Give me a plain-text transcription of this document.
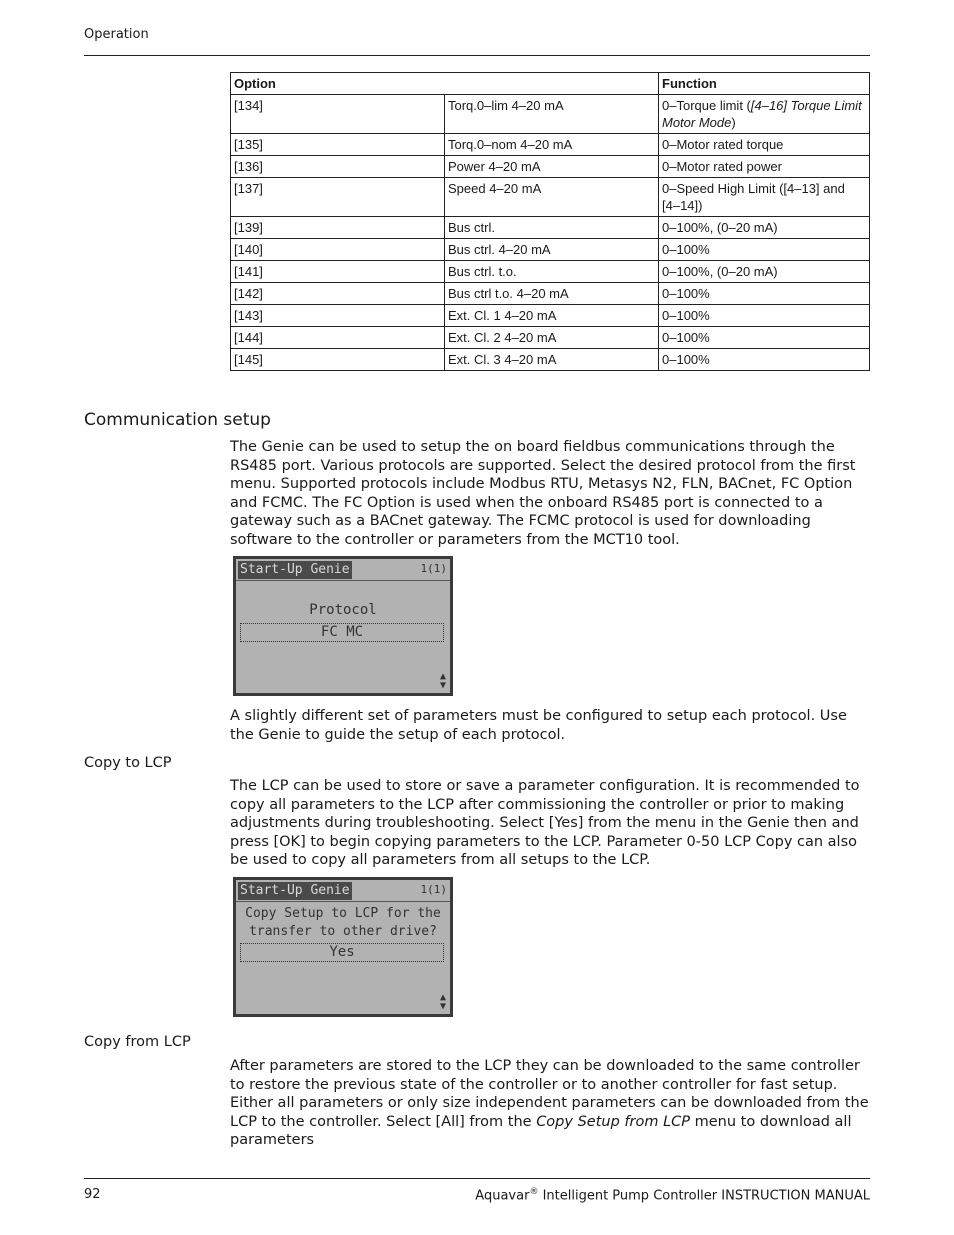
Operation
Option		Function
[134]	Torq.0–lim 4–20 mA	0–Torque limit ([4–16] Torque Limit Motor Mode)
[135]	Torq.0–nom 4–20 mA	0–Motor rated torque
[136]	Power 4–20 mA	0–Motor rated power
[137]	Speed 4–20 mA	0–Speed High Limit ([4–13] and [4–14])
[139]	Bus ctrl.	0–100%, (0–20 mA)
[140]	Bus ctrl. 4–20 mA	0–100%
[141]	Bus ctrl. t.o.	0–100%, (0–20 mA)
[142]	Bus ctrl t.o. 4–20 mA	0–100%
[143]	Ext. Cl. 1 4–20 mA	0–100%
[144]	Ext. Cl. 2 4–20 mA	0–100%
[145]	Ext. Cl. 3 4–20 mA	0–100%
Communication setup
The Genie can be used to setup the on board fieldbus communications through the RS485 port. Various protocols are supported. Select the desired protocol from the first menu. Supported protocols include Modbus RTU, Metasys N2, FLN, BACnet, FC Option and FCMC. The FC Option is used when the onboard RS485 port is connected to a gateway such as a BACnet gateway. The FCMC protocol is used for downloading software to the controller or parameters from the MCT10 tool.
Start-Up Genie	1(1)
Protocol
FC MC
▲
▼
A slightly different set of parameters must be configured to setup each protocol. Use the Genie to guide the setup of each protocol.
Copy to LCP
The LCP can be used to store or save a parameter configuration. It is recommended to copy all parameters to the LCP after commissioning the controller or prior to making adjustments during troubleshooting. Select [Yes] from the menu in the Genie then and press [OK] to begin copying parameters to the LCP. Parameter 0-50 LCP Copy can also be used to copy all parameters from all setups to the LCP.
Start-Up Genie	1(1)
Copy Setup to LCP for the
transfer to other drive?
Yes
▲
▼
Copy from LCP
After parameters are stored to the LCP they can be downloaded to the same controller to restore the previous state of the controller or to another controller for fast setup. Either all parameters or only size independent parameters can be downloaded from the LCP to the controller. Select [All] from the Copy Setup from LCP menu to download all parameters
92	Aquavar® Intelligent Pump Controller INSTRUCTION MANUAL
